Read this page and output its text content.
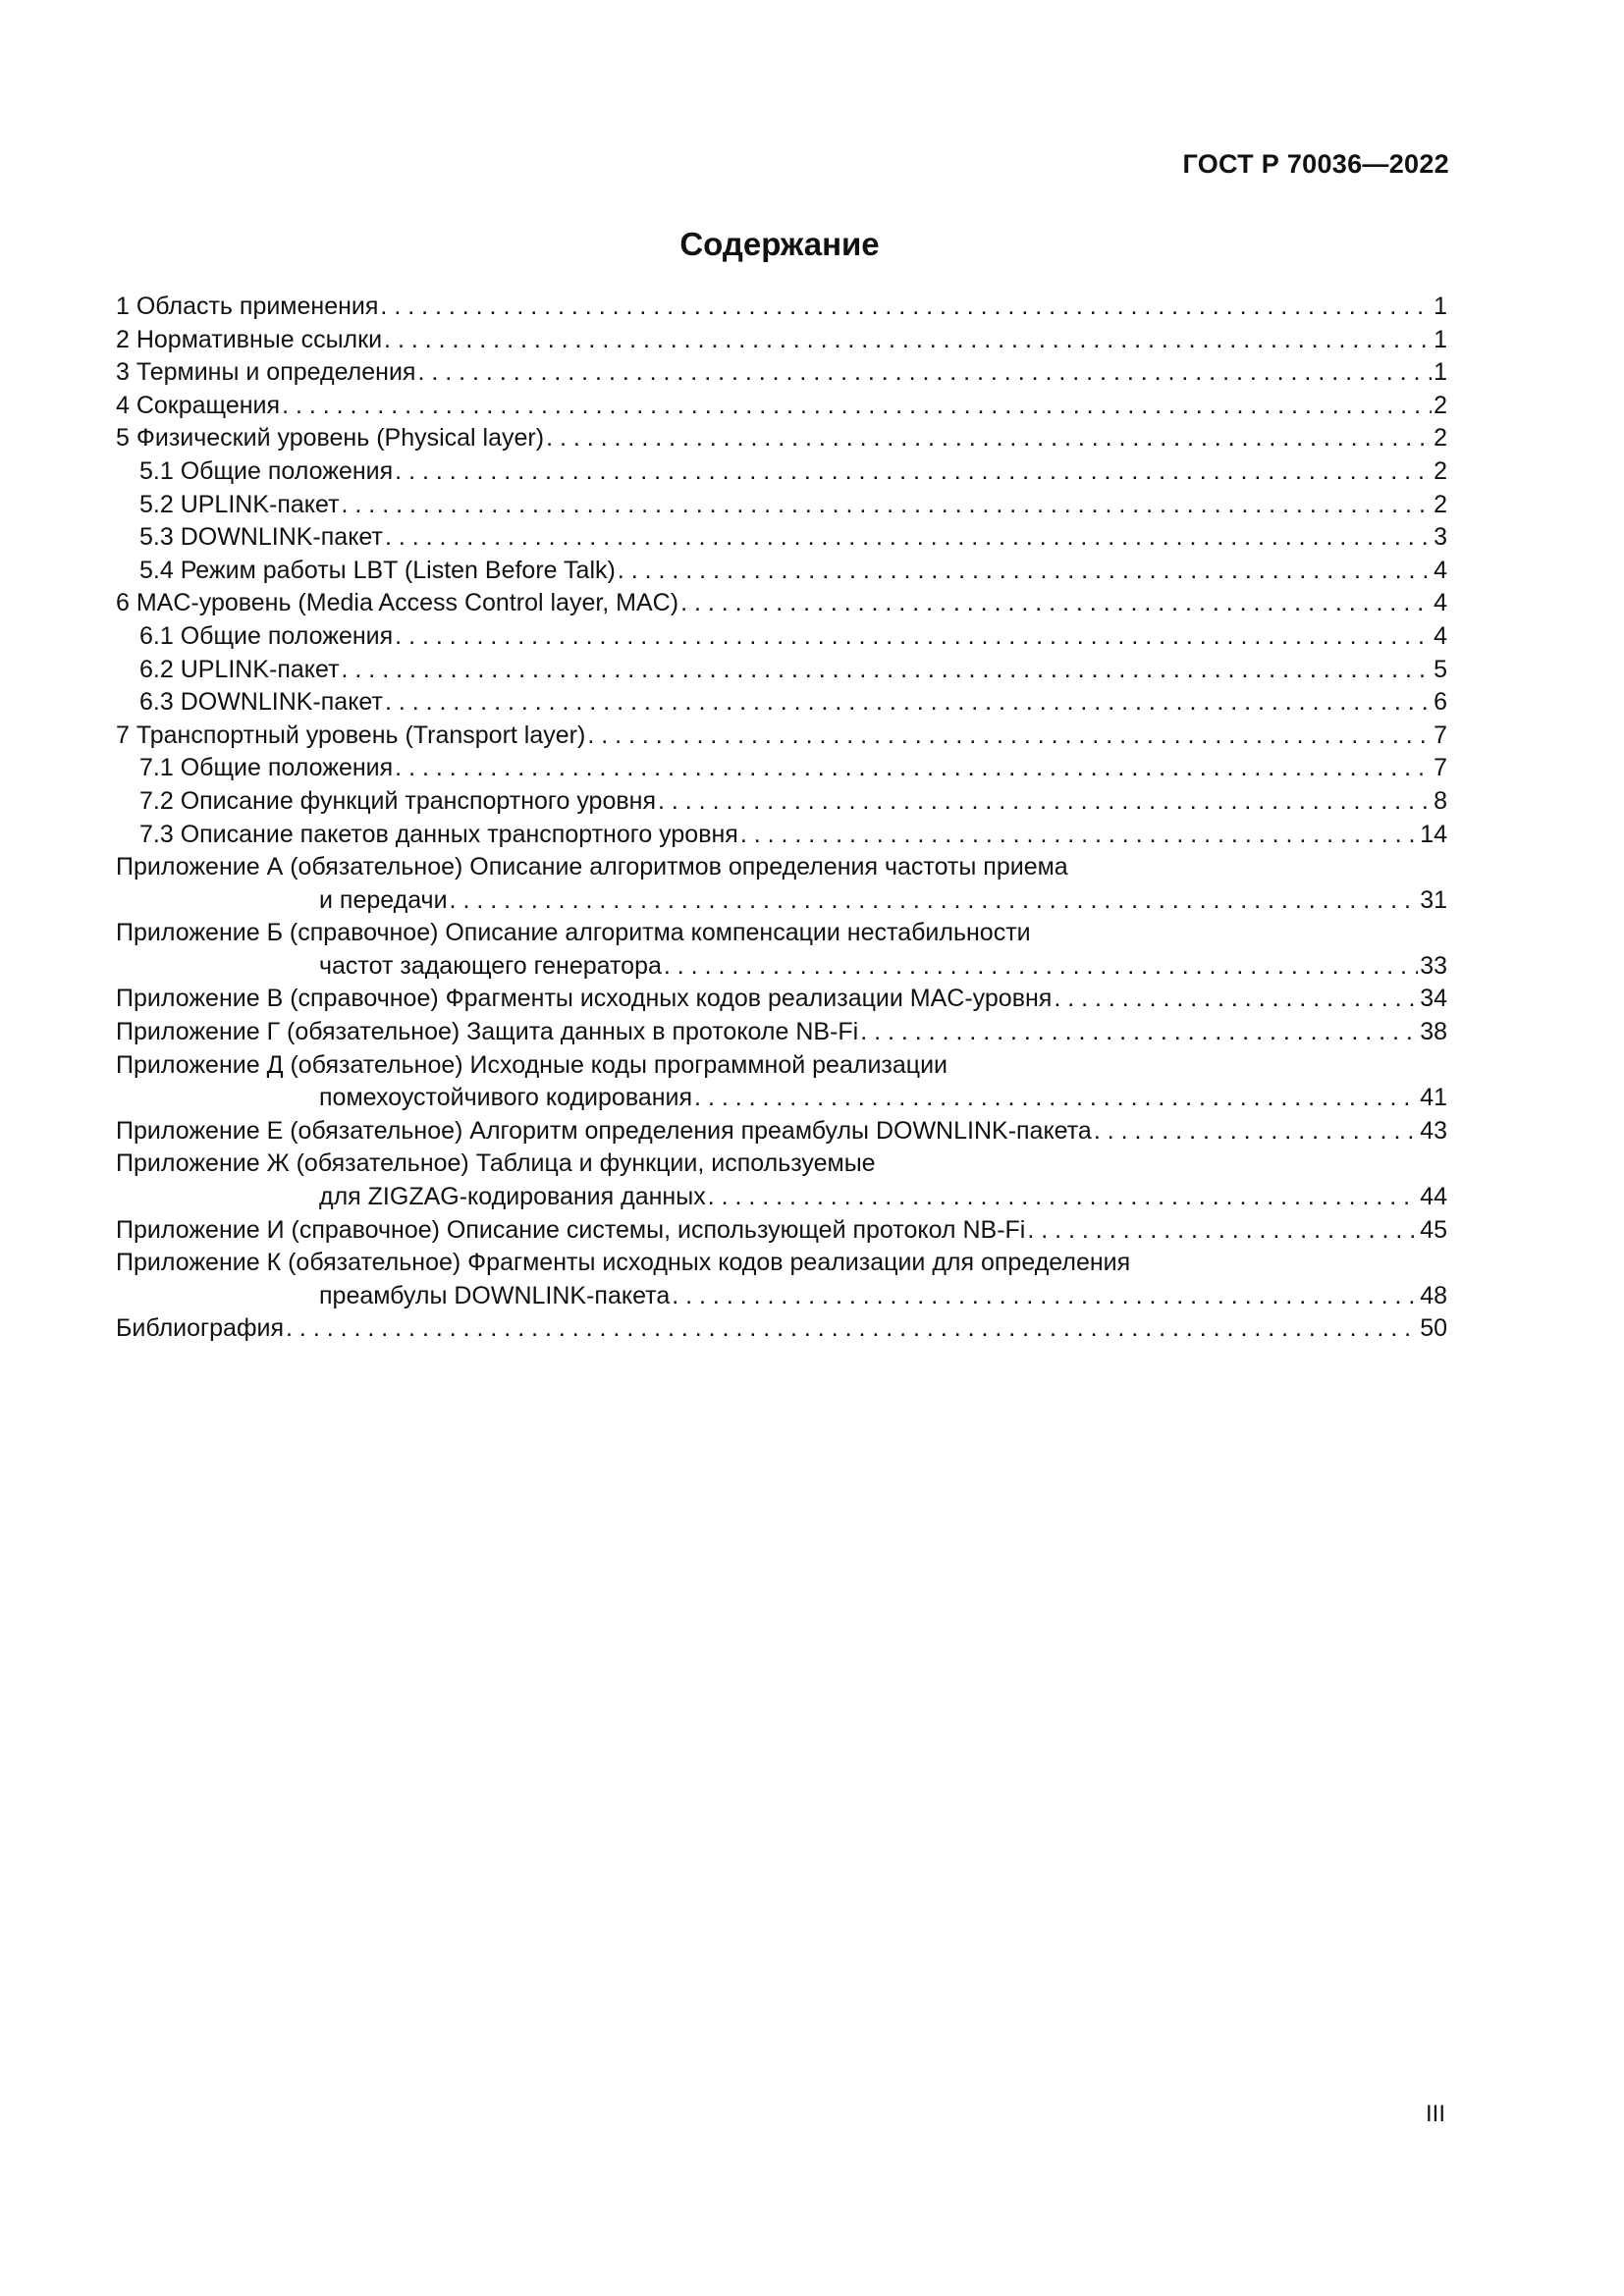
ГОСТ Р 70036—2022
Содержание
1 Область применения . . .	1
2 Нормативные ссылки . . .	1
3 Термины и определения . . .	1
4 Сокращения . . .	2
5 Физический уровень (Physical layer) . . .	2
5.1 Общие положения . . .	2
5.2 UPLINK-пакет . . .	2
5.3 DOWNLINK-пакет . . .	3
5.4 Режим работы LBT (Listen Before Talk) . . .	4
6 MAC-уровень (Media Access Control layer, MAC) . . .	4
6.1 Общие положения . . .	4
6.2 UPLINK-пакет . . .	5
6.3 DOWNLINK-пакет . . .	6
7 Транспортный уровень (Transport layer) . . .	7
7.1 Общие положения . . .	7
7.2 Описание функций транспортного уровня . . .	8
7.3 Описание пакетов данных транспортного уровня . . .	14
Приложение А (обязательное) Описание алгоритмов определения частоты приема
и передачи . . .	31
Приложение Б (справочное) Описание алгоритма компенсации нестабильности
частот задающего генератора . . .	33
Приложение В (справочное) Фрагменты исходных кодов реализации MAC-уровня . . .	34
Приложение Г (обязательное) Защита данных в протоколе NB-Fi . . .	38
Приложение Д (обязательное) Исходные коды программной реализации
помехоустойчивого кодирования . . .	41
Приложение Е (обязательное) Алгоритм определения преамбулы DOWNLINK-пакета . . .	43
Приложение Ж (обязательное) Таблица и функции, используемые
для ZIGZAG-кодирования данных . . .	44
Приложение И (справочное) Описание системы, использующей протокол NB-Fi . . .	45
Приложение К (обязательное) Фрагменты исходных кодов реализации для определения
преамбулы DOWNLINK-пакета . . .	48
Библиография . . .	50
III
